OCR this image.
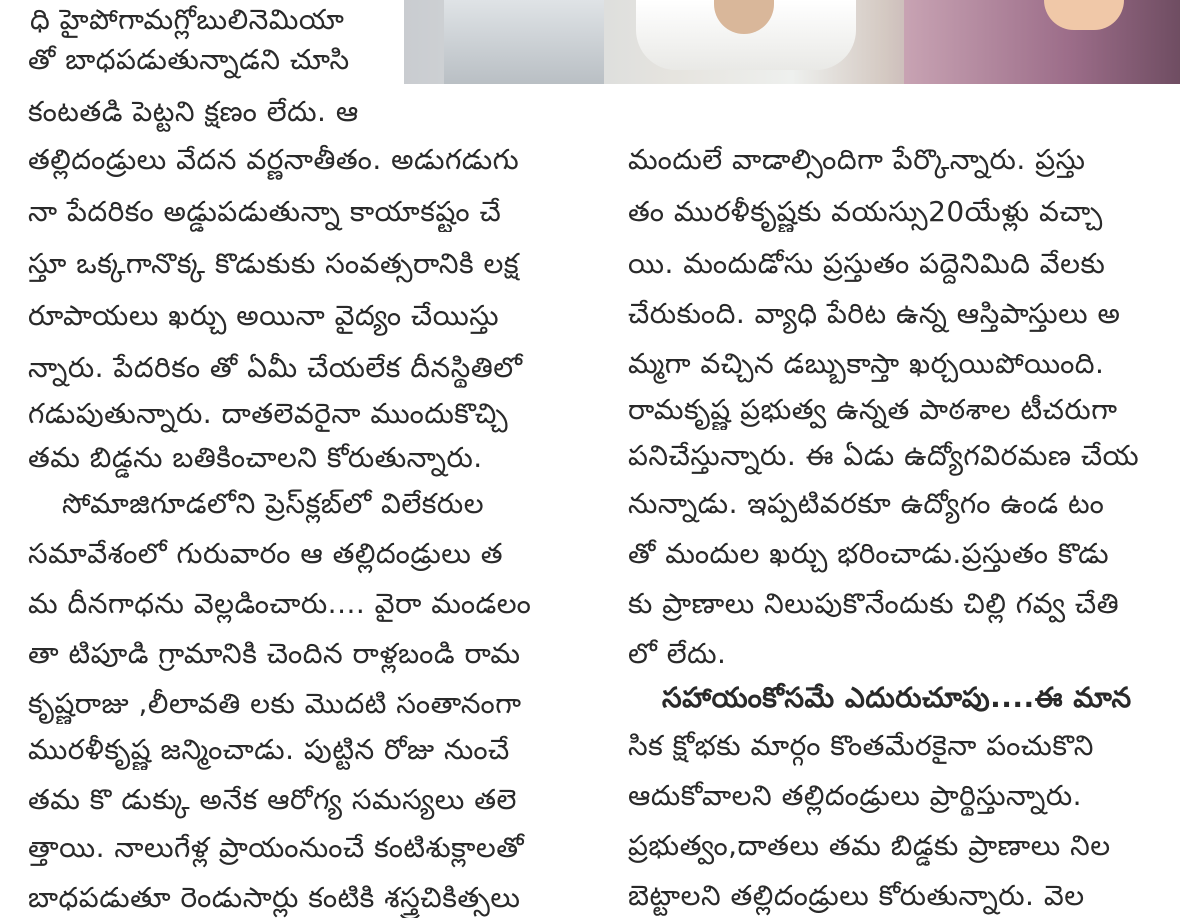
ధి హైపోగామగ్లోబులినెమియా
తో బాధపడుతున్నాడని చూసి
కంటతడి పెట్టని క్షణం లేదు. ఆ
తల్లిదండ్రులు వేదన వర్ణనాతీతం. అడుగడుగు
నా పేదరికం అడ్డుపడుతున్నా కాయాకష్టం చే
స్తూ ఒక్కగానొక్క కొడుకుకు సంవత్సరానికి లక్ష
రూపాయలు ఖర్చు అయినా వైద్యం చేయిస్తు
న్నారు. పేదరికం తో ఏమీ చేయలేక దీనస్థితిలో
గడుపుతున్నారు. దాతలెవరైనా ముందుకొచ్చి
తమ బిడ్డను బతికించాలని కోరుతున్నారు.
సోమాజిగూడలోని ప్రెస్‌క్లబ్‌లో విలేకరుల
సమావేశంలో గురువారం ఆ తల్లిదండ్రులు త
మ దీనగాధను వెల్లడించారు.... వైరా మండలం
తా టిపూడి గ్రామానికి చెందిన రాళ్లబండి రామ
కృష్ణరాజు ,లీలావతి లకు మొదటి సంతానంగా
మురళీకృష్ణ జన్మించాడు. పుట్టిన రోజు నుంచే
తమ కొ డుక్కు అనేక ఆరోగ్య సమస్యలు తలె
త్తాయి. నాలుగేళ్ల ప్రాయంనుంచే కంటిశుక్లాలతో
బాధపడుతూ రెండుసార్లు కంటికి శస్త్రచికిత్సలు
మందులే వాడాల్సిందిగా పేర్కొన్నారు. ప్రస్తు
తం మురళీకృష్ణకు వయస్సు20యేళ్లు వచ్చా
యి. మందుడోసు ప్రస్తుతం పద్దెనిమిది వేలకు
చేరుకుంది. వ్యాధి పేరిట ఉన్న ఆస్తిపాస్తులు అ
మ్మగా వచ్చిన డబ్బుకాస్తా ఖర్చయిపోయింది.
రామకృష్ణ ప్రభుత్వ ఉన్నత పాఠశాల టీచరుగా
పనిచేస్తున్నారు. ఈ ఏడు ఉద్యోగవిరమణ చేయ
నున్నాడు. ఇప్పటివరకూ ఉద్యోగం ఉండ టం
తో మందుల ఖర్చు భరించాడు.ప్రస్తుతం కొడు
కు ప్రాణాలు నిలుపుకొనేందుకు చిల్లి గవ్వ చేతి
లో లేదు.
సహాయంకోసమే ఎదురుచూపు....ఈ మాన
సిక క్షోభకు మార్గం కొంతమేరకైనా పంచుకొని
ఆదుకోవాలని తల్లిదండ్రులు ప్రార్థిస్తున్నారు.
ప్రభుత్వం,దాతలు తమ బిడ్డకు ప్రాణాలు నిల
బెట్టాలని తల్లిదండ్రులు కోరుతున్నారు. వెల
